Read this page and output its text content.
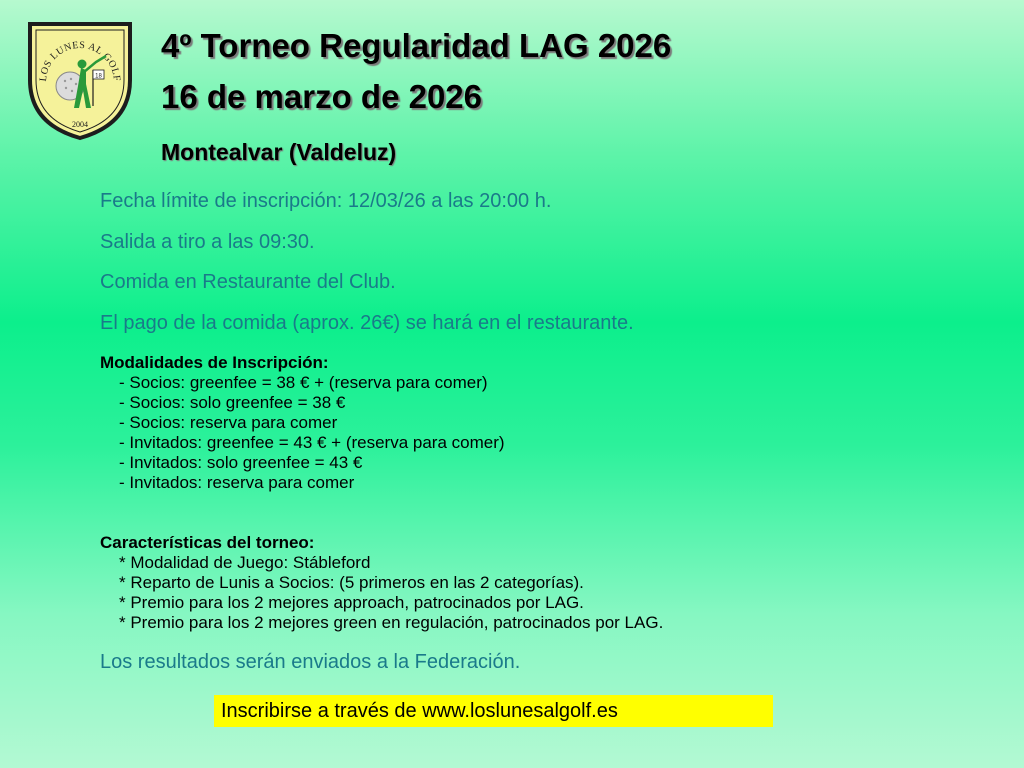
LOS LUNES AL GOLF
18
2004
4º Torneo Regularidad LAG 2026
16 de marzo de 2026
Montealvar (Valdeluz)
Fecha límite de inscripción: 12/03/26 a las 20:00 h.
Salida a tiro a las 09:30.
Comida en Restaurante del Club.
El pago de la comida (aprox. 26€) se hará en el restaurante.
Modalidades de Inscripción:
- Socios: greenfee = 38 € + (reserva para comer)
- Socios: solo greenfee = 38 €
- Socios: reserva para comer
- Invitados: greenfee = 43 € + (reserva para comer)
- Invitados: solo greenfee = 43 €
- Invitados: reserva para comer
Características del torneo:
* Modalidad de Juego: Stábleford
* Reparto de Lunis a Socios: (5 primeros en las 2 categorías).
* Premio para los 2 mejores approach, patrocinados por LAG.
* Premio para los 2 mejores green en regulación, patrocinados por LAG.
Los resultados serán enviados a la Federación.
Inscribirse a través de www.loslunesalgolf.es
